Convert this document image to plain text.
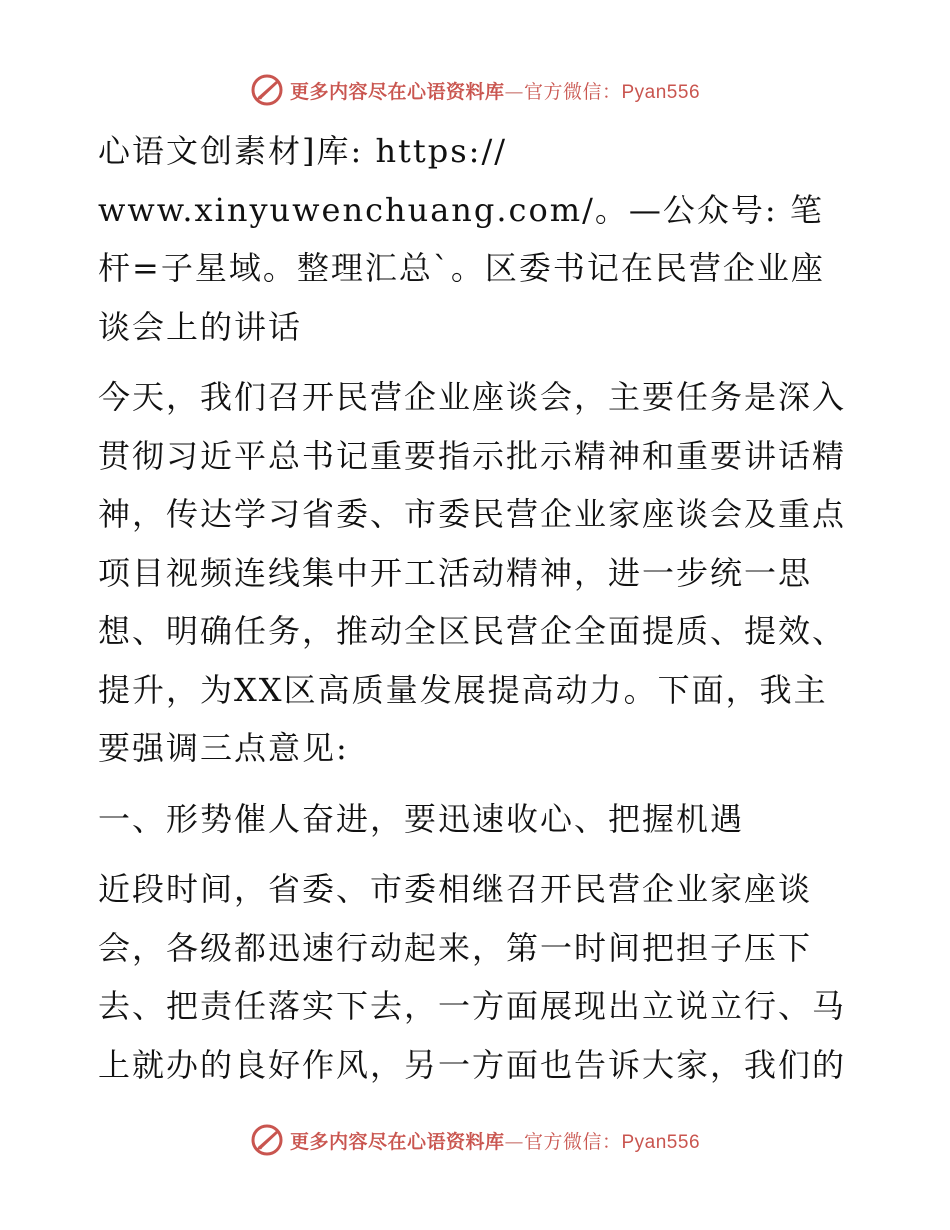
更多内容尽在心语资料库—官方微信：Pyan556

心语文创素材]库: https://

www.xinyuwenchuang.com/。—公众号: 笔杆=子星域。整理汇总ˋ。区委书记在民营企业座谈会上的讲话

今天，我们召开民营企业座谈会，主要任务是深入贯彻习近平总书记重要指示批示精神和重要讲话精神，传达学习省委、市委民营企业家座谈会及重点项目视频连线集中开工活动精神，进一步统一思想、明确任务，推动全区民营企全面提质、提效、提升，为XX区高质量发展提高动力。下面，我主要强调三点意见:

一、形势催人奋进，要迅速收心、把握机遇

近段时间，省委、市委相继召开民营企业家座谈会，各级都迅速行动起来，第一时间把担子压下去、把责任落实下去，一方面展现出立说立行、马上就办的良好作风，另一方面也告诉大家，我们的

更多内容尽在心语资料库—官方微信：Pyan556
